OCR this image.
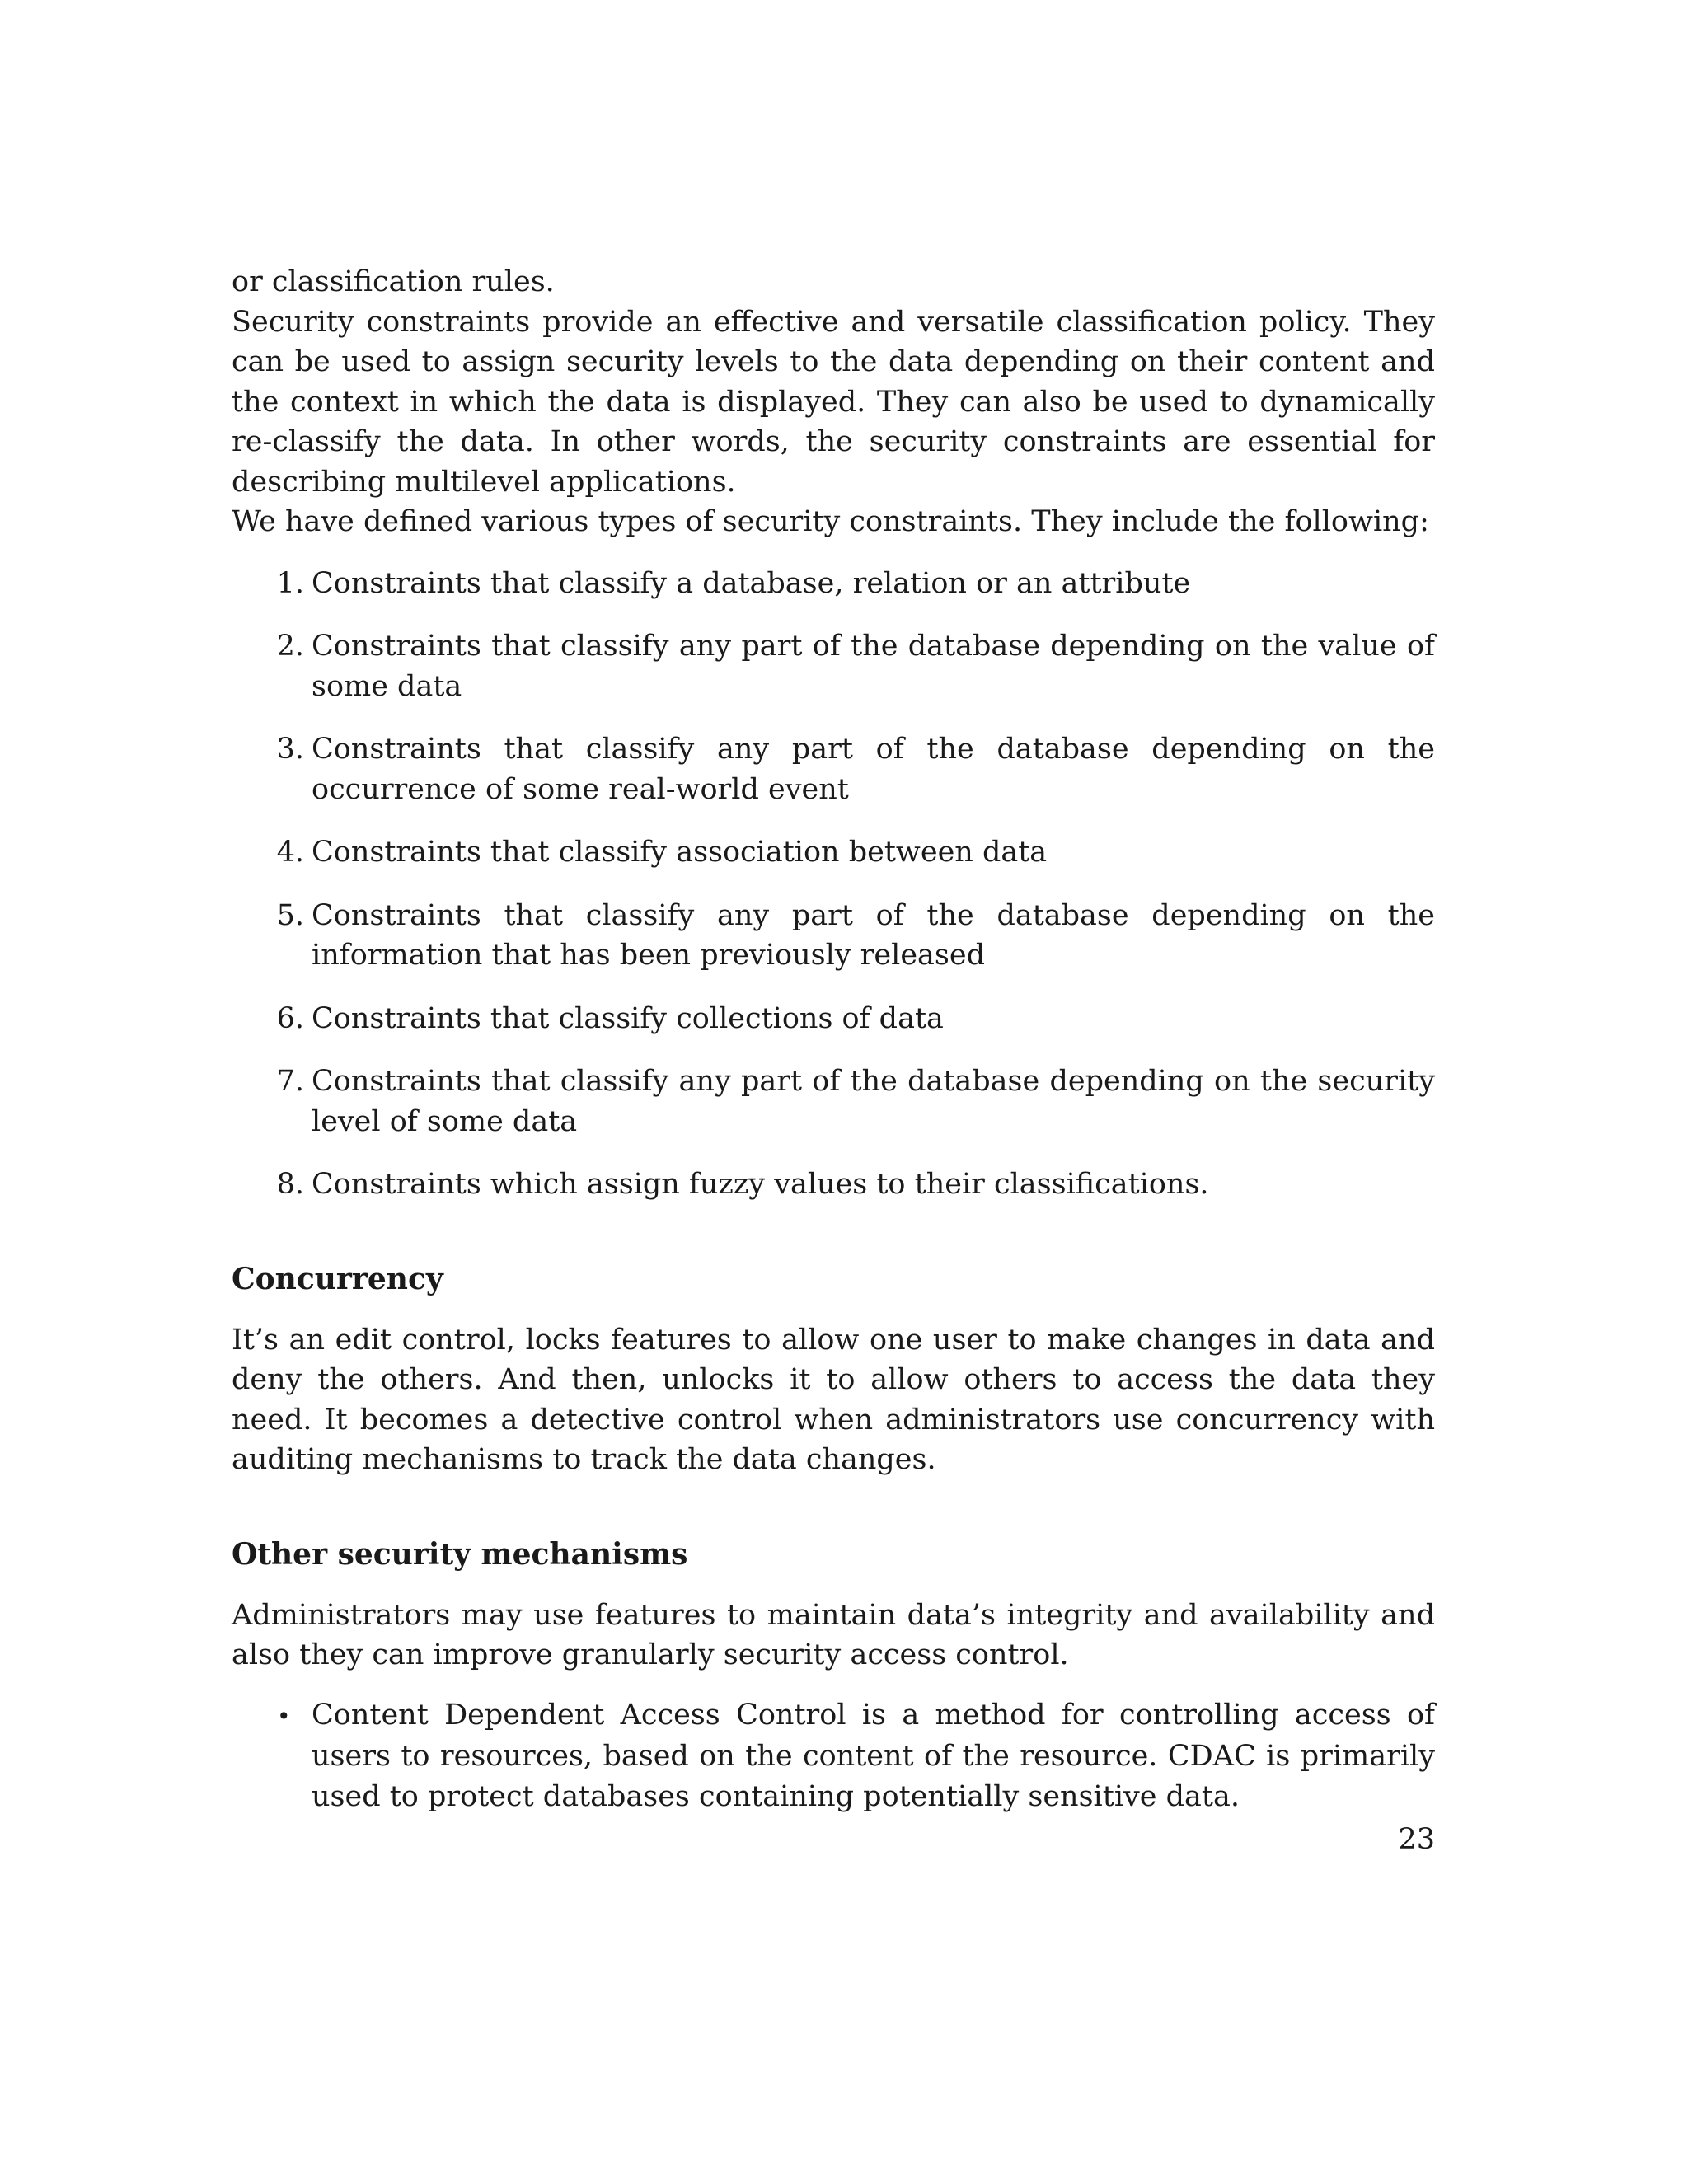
or classification rules.

Security constraints provide an effective and versatile classification policy. They can be used to assign security levels to the data depending on their content and the context in which the data is displayed. They can also be used to dynamically re-classify the data. In other words, the security constraints are essential for describing multilevel applications.

We have defined various types of security constraints. They include the following:

1. Constraints that classify a database, relation or an attribute
2. Constraints that classify any part of the database depending on the value of some data
3. Constraints that classify any part of the database depending on the occurrence of some real-world event
4. Constraints that classify association between data
5. Constraints that classify any part of the database depending on the information that has been previously released
6. Constraints that classify collections of data
7. Constraints that classify any part of the database depending on the security level of some data
8. Constraints which assign fuzzy values to their classifications.
Concurrency

It’s an edit control, locks features to allow one user to make changes in data and deny the others. And then, unlocks it to allow others to access the data they need. It becomes a detective control when administrators use concurrency with auditing mechanisms to track the data changes.

Other security mechanisms

Administrators may use features to maintain data’s integrity and availability and also they can improve granularly security access control.

• Content Dependent Access Control is a method for controlling access of users to resources, based on the content of the resource. CDAC is primarily used to protect databases containing potentially sensitive data.
23
